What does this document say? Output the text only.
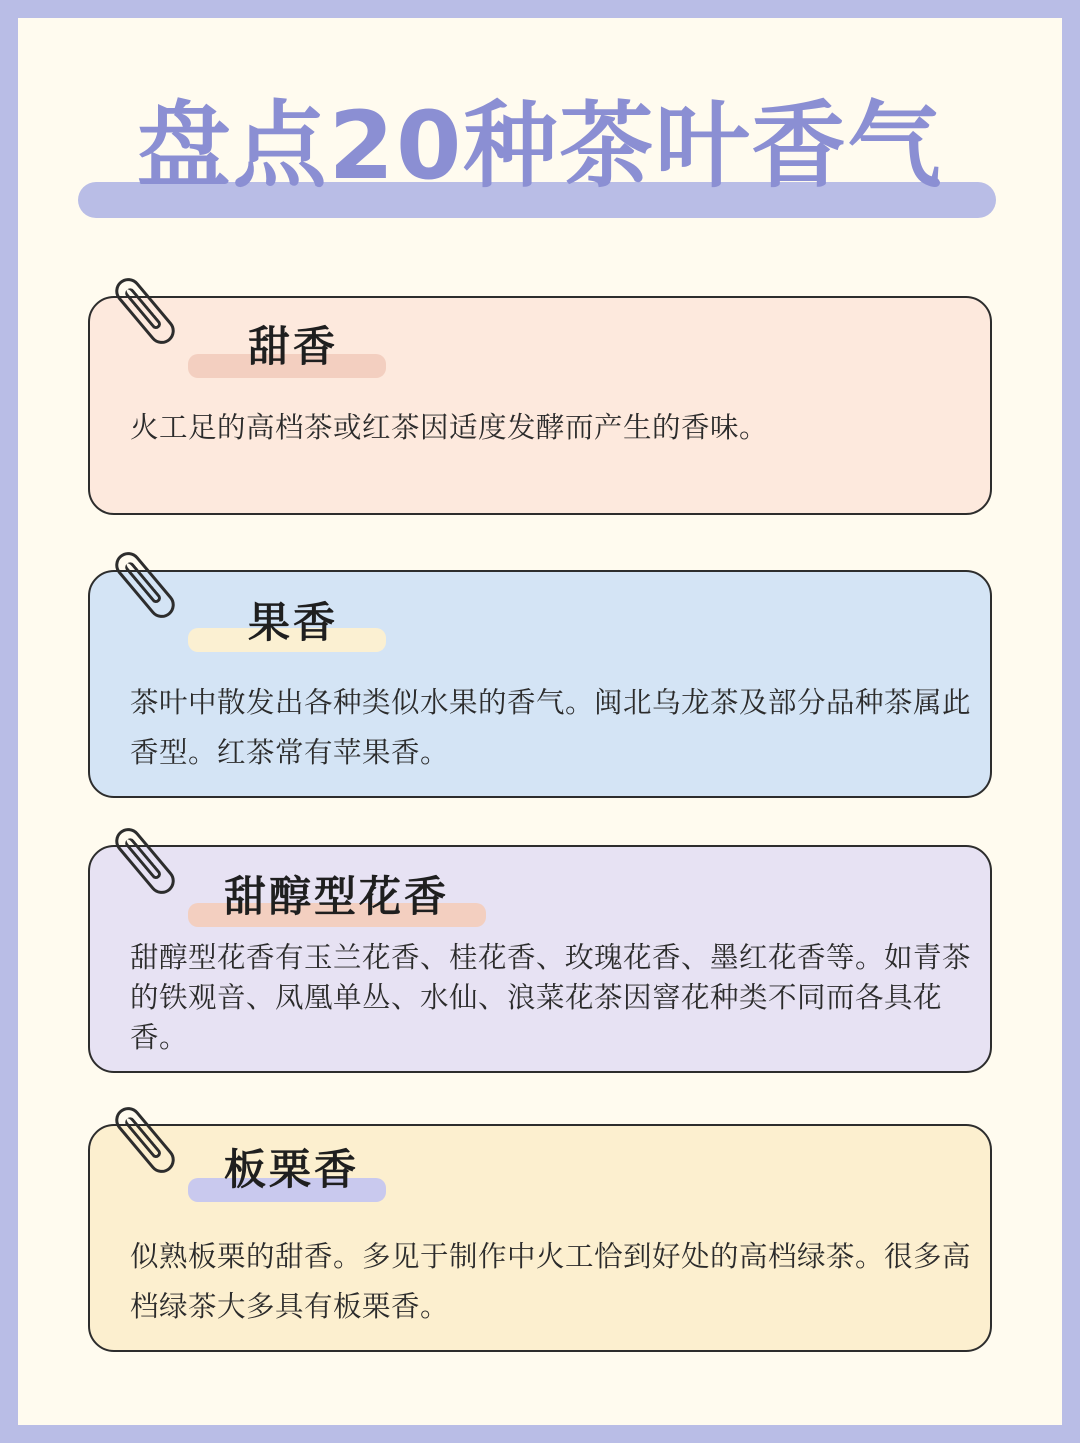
盘点20种茶叶香气
甜香
火工足的高档茶或红茶因适度发酵而产生的香味。
果香
茶叶中散发出各种类似水果的香气。闽北乌龙茶及部分品种茶属此香型。红茶常有苹果香。
甜醇型花香
甜醇型花香有玉兰花香、桂花香、玫瑰花香、墨红花香等。如青茶的铁观音、凤凰单丛、水仙、浪菜花茶因窨花种类不同而各具花香。
板栗香
似熟板栗的甜香。多见于制作中火工恰到好处的高档绿茶。很多高档绿茶大多具有板栗香。
